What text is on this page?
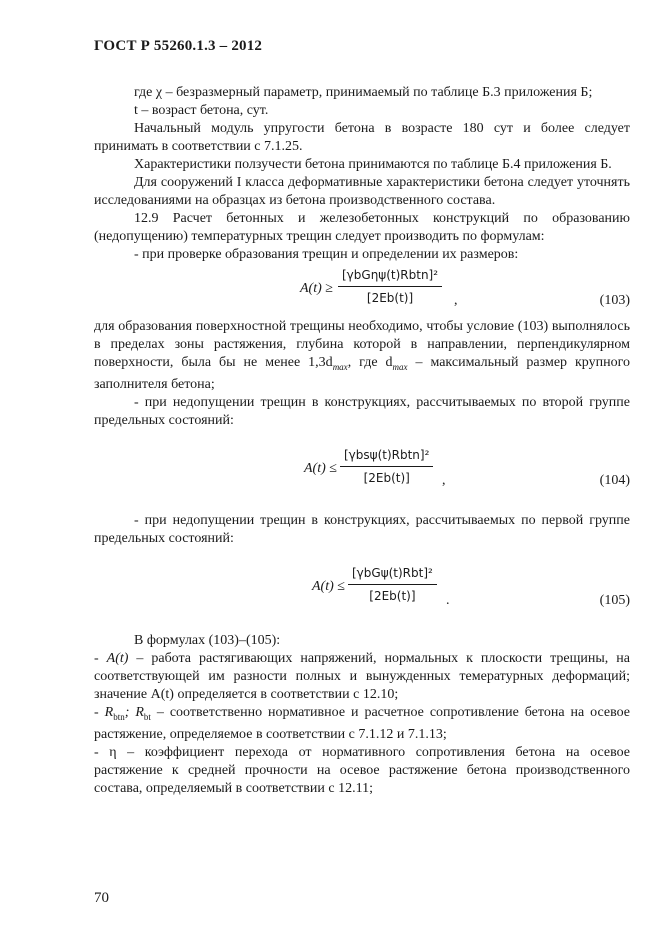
ГОСТ Р 55260.1.3 – 2012

где χ – безразмерный параметр, принимаемый по таблице Б.3 приложения Б;

t – возраст бетона, сут.

Начальный модуль упругости бетона в возрасте 180 сут и более следует принимать в соответствии с 7.1.25.

Характеристики ползучести бетона принимаются по таблице Б.4 приложения Б.

Для сооружений I класса деформативные характеристики бетона следует уточнять исследованиями на образцах из бетона производственного состава.

12.9 Расчет бетонных и железобетонных конструкций по образованию (недопущению) температурных трещин следует производить по формулам:

- при проверке образования трещин и определении их размеров:

A(t) ≥
[γbGηψ(t)Rbtn]²
[2Eb(t)]	,	(103)

для образования поверхностной трещины необходимо, чтобы условие (103) выполнялось в пределах зоны растяжения, глубина которой в направлении, перпендикулярном поверхности, была бы не менее $1,3d_{max}$, где $d_{max}$ – максимальный размер крупного заполнителя бетона;

- при недопущении трещин в конструкциях, рассчитываемых по второй группе предельных состояний:

A(t) ≤
[γbsψ(t)Rbtn]²
[2Eb(t)]	,	(104)

- при недопущении трещин в конструкциях, рассчитываемых по первой группе предельных состояний:

A(t) ≤
[γbGψ(t)Rbt]²
[2Eb(t)]	.	(105)

В формулах (103)–(105):

- A(t) – работа растягивающих напряжений, нормальных к плоскости трещины, на соответствующей им разности полных и вынужденных темературных деформаций; значение A(t) определяется в соответствии с 12.10;

- $R_{btn}$; $R_{bt}$ – соответственно нормативное и расчетное сопротивление бетона на осевое растяжение, определяемое в соответствии с 7.1.12 и 7.1.13;

- η – коэффициент перехода от нормативного сопротивления бетона на осевое растяжение к средней прочности на осевое растяжение бетона производственного состава, определяемый в соответствии с 12.11;

70
